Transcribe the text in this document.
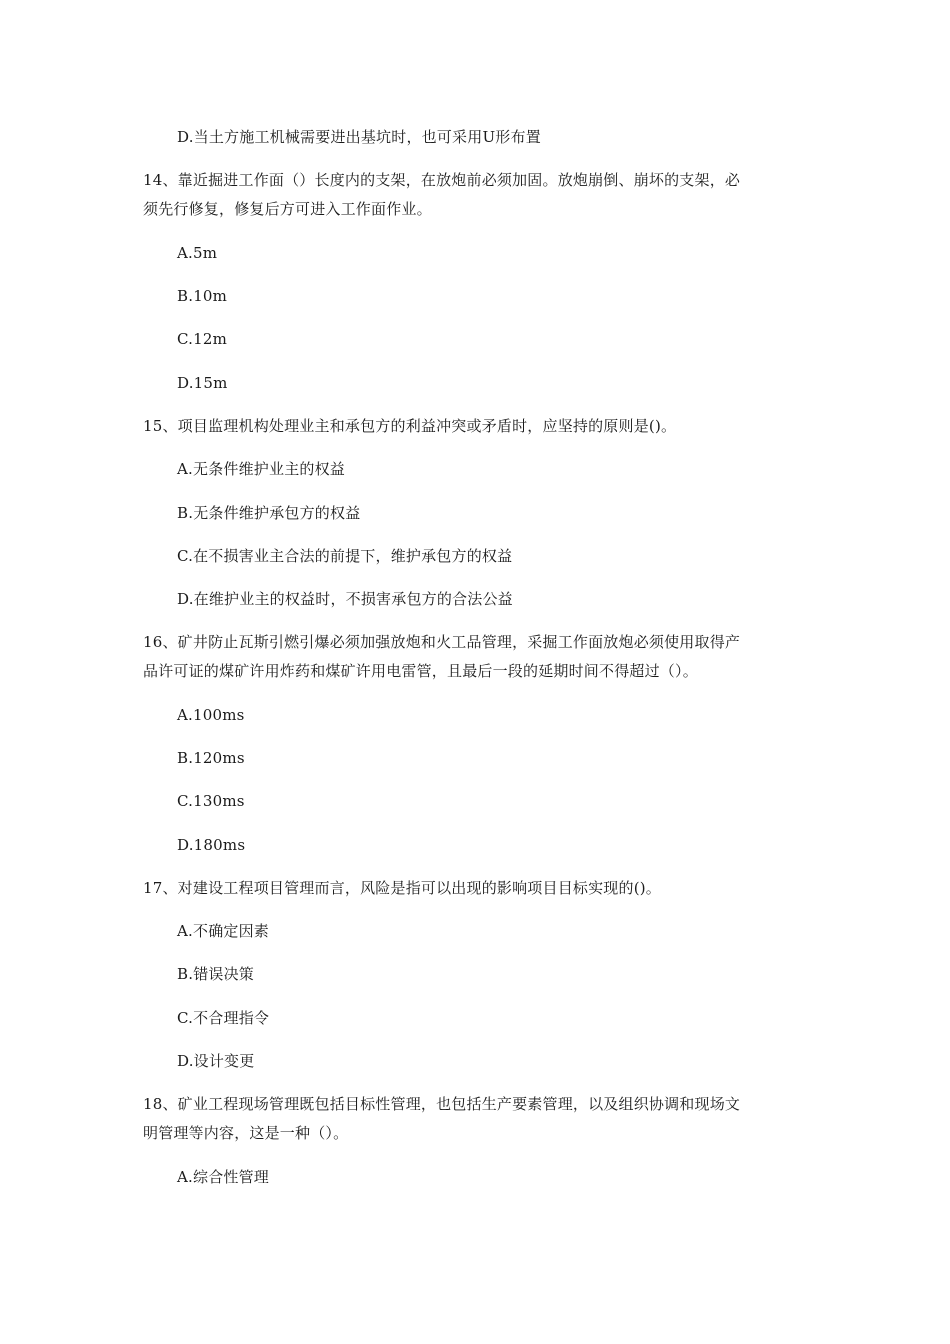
D.当土方施工机械需要进出基坑时，也可采用U形布置
14、靠近掘进工作面（）长度内的支架，在放炮前必须加固。放炮崩倒、崩坏的支架，必
须先行修复，修复后方可进入工作面作业。
A.5m
B.10m
C.12m
D.15m
15、项目监理机构处理业主和承包方的利益冲突或矛盾时，应坚持的原则是()。
A.无条件维护业主的权益
B.无条件维护承包方的权益
C.在不损害业主合法的前提下，维护承包方的权益
D.在维护业主的权益时，不损害承包方的合法公益
16、矿井防止瓦斯引燃引爆必须加强放炮和火工品管理，采掘工作面放炮必须使用取得产
品许可证的煤矿许用炸药和煤矿许用电雷管，且最后一段的延期时间不得超过（）。
A.100ms
B.120ms
C.130ms
D.180ms
17、对建设工程项目管理而言，风险是指可以出现的影响项目目标实现的()。
A.不确定因素
B.错误决策
C.不合理指令
D.设计变更
18、矿业工程现场管理既包括目标性管理，也包括生产要素管理，以及组织协调和现场文
明管理等内容，这是一种（）。
A.综合性管理
